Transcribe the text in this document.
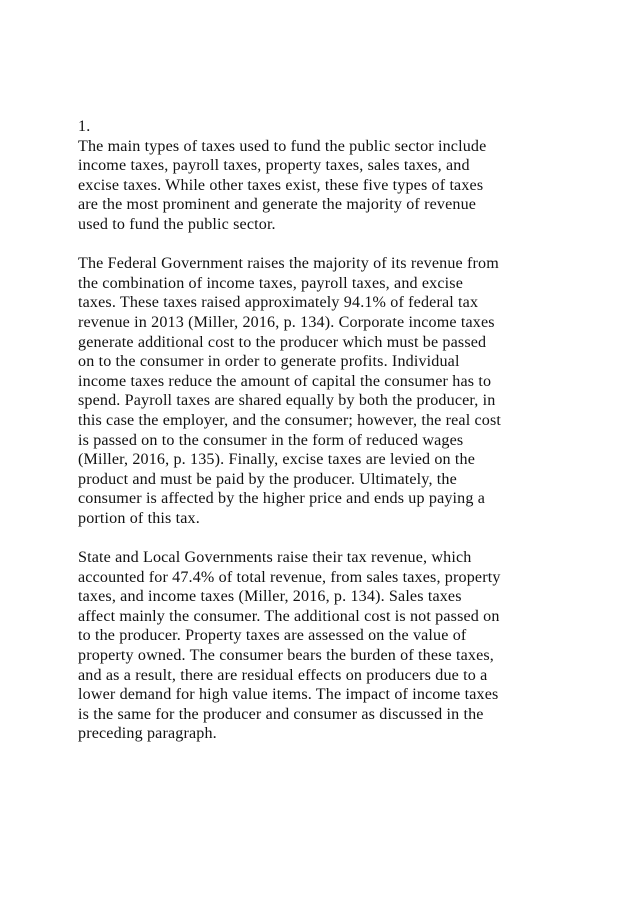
1.
The main types of taxes used to fund the public sector include
income taxes, payroll taxes, property taxes, sales taxes, and
excise taxes. While other taxes exist, these five types of taxes
are the most prominent and generate the majority of revenue
used to fund the public sector.
The Federal Government raises the majority of its revenue from
the combination of income taxes, payroll taxes, and excise
taxes. These taxes raised approximately 94.1% of federal tax
revenue in 2013 (Miller, 2016, p. 134). Corporate income taxes
generate additional cost to the producer which must be passed
on to the consumer in order to generate profits. Individual
income taxes reduce the amount of capital the consumer has to
spend. Payroll taxes are shared equally by both the producer, in
this case the employer, and the consumer; however, the real cost
is passed on to the consumer in the form of reduced wages
(Miller, 2016, p. 135). Finally, excise taxes are levied on the
product and must be paid by the producer. Ultimately, the
consumer is affected by the higher price and ends up paying a
portion of this tax.
State and Local Governments raise their tax revenue, which
accounted for 47.4% of total revenue, from sales taxes, property
taxes, and income taxes (Miller, 2016, p. 134). Sales taxes
affect mainly the consumer. The additional cost is not passed on
to the producer. Property taxes are assessed on the value of
property owned. The consumer bears the burden of these taxes,
and as a result, there are residual effects on producers due to a
lower demand for high value items. The impact of income taxes
is the same for the producer and consumer as discussed in the
preceding paragraph.
